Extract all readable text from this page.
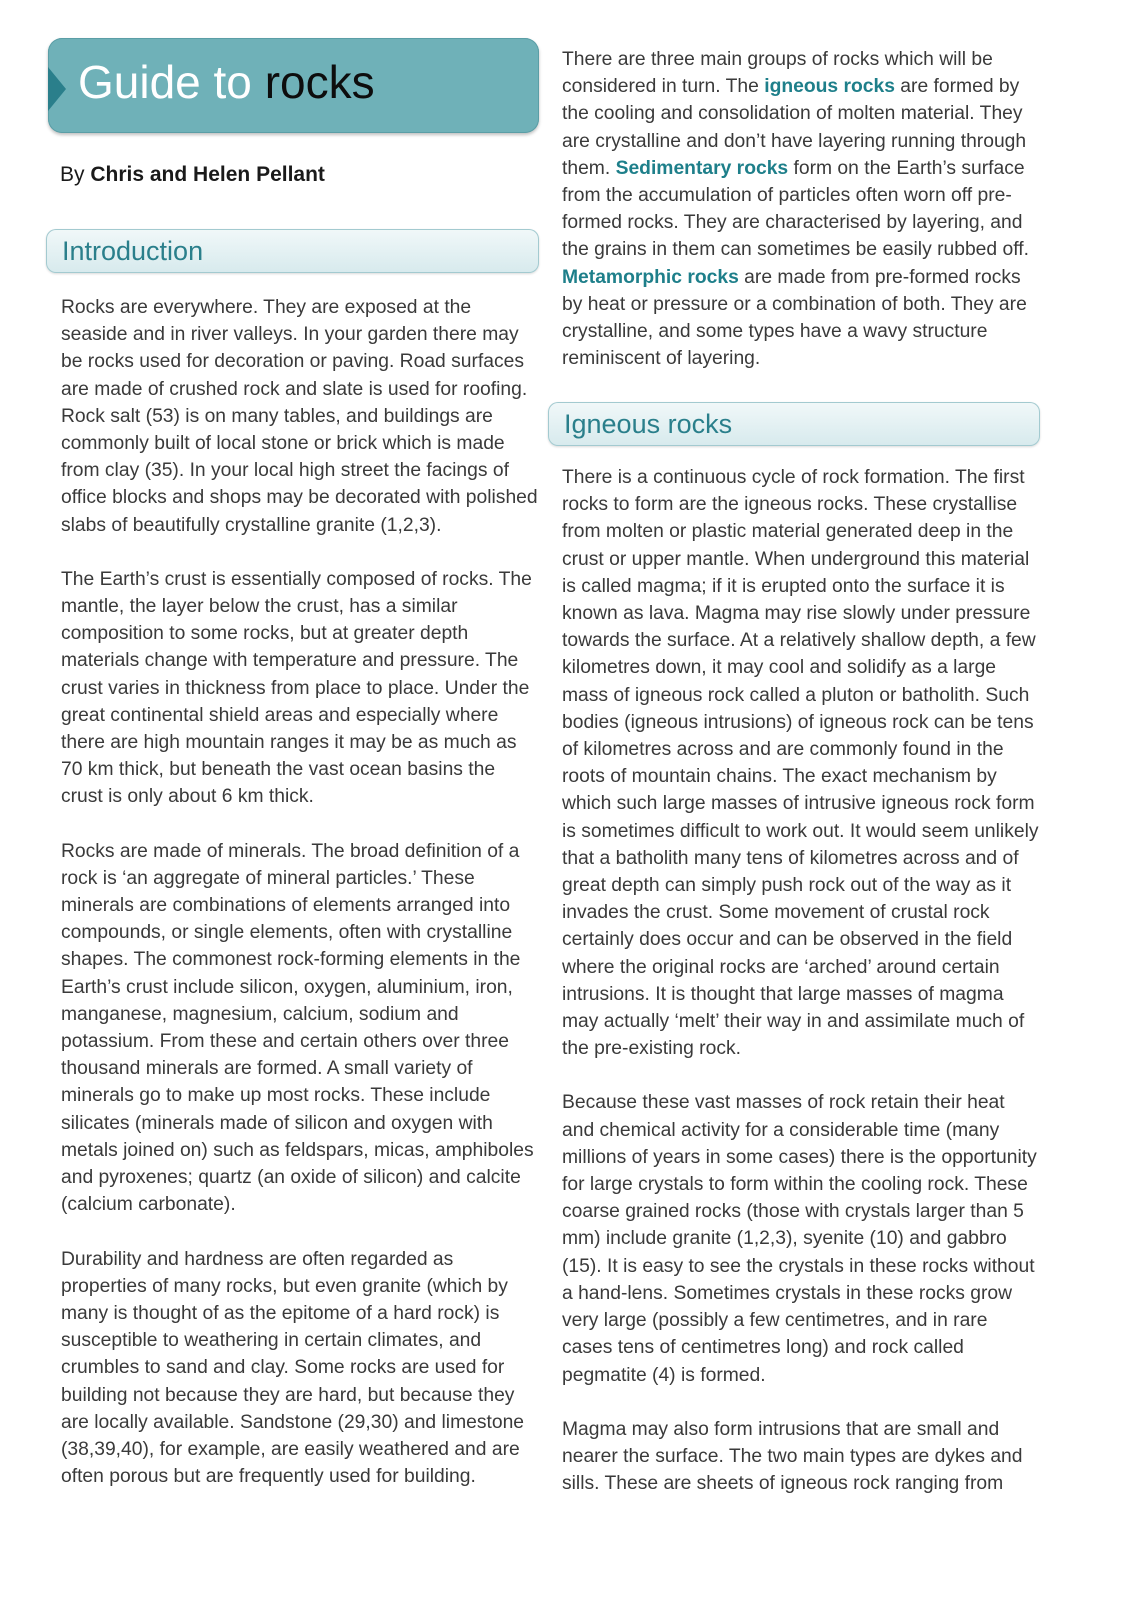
Guide to rocks
By Chris and Helen Pellant
Introduction

Rocks are everywhere. They are exposed at the seaside and in river valleys. In your garden there may be rocks used for decoration or paving. Road surfaces are made of crushed rock and slate is used for roofing. Rock salt (53) is on many tables, and buildings are commonly built of local stone or brick which is made from clay (35). In your local high street the facings of office blocks and shops may be decorated with polished slabs of beautifully crystalline granite (1,2,3).

The Earth’s crust is essentially composed of rocks. The mantle, the layer below the crust, has a similar composition to some rocks, but at greater depth materials change with temperature and pressure. The crust varies in thickness from place to place. Under the great continental shield areas and especially where there are high mountain ranges it may be as much as 70 km thick, but beneath the vast ocean basins the crust is only about 6 km thick.

Rocks are made of minerals. The broad definition of a rock is ‘an aggregate of mineral particles.’ These minerals are combinations of elements arranged into compounds, or single elements, often with crystalline shapes. The commonest rock-forming elements in the Earth’s crust include silicon, oxygen, aluminium, iron, manganese, magnesium, calcium, sodium and potassium. From these and certain others over three thousand minerals are formed. A small variety of minerals go to make up most rocks. These include silicates (minerals made of silicon and oxygen with metals joined on) such as feldspars, micas, amphiboles and pyroxenes; quartz (an oxide of silicon) and calcite (calcium carbonate).

Durability and hardness are often regarded as properties of many rocks, but even granite (which by many is thought of as the epitome of a hard rock) is susceptible to weathering in certain climates, and crumbles to sand and clay. Some rocks are used for building not because they are hard, but because they are locally available. Sandstone (29,30) and limestone (38,39,40), for example, are easily weathered and are often porous but are frequently used for building.

There are three main groups of rocks which will be considered in turn. The igneous rocks are formed by the cooling and consolidation of molten material. They are crystalline and don’t have layering running through them. Sedimentary rocks form on the Earth’s surface from the accumulation of particles often worn off pre-formed rocks. They are characterised by layering, and the grains in them can sometimes be easily rubbed off. Metamorphic rocks are made from pre-formed rocks by heat or pressure or a combination of both. They are crystalline, and some types have a wavy structure reminiscent of layering.

Igneous rocks

There is a continuous cycle of rock formation. The first rocks to form are the igneous rocks. These crystallise from molten or plastic material generated deep in the crust or upper mantle. When underground this material is called magma; if it is erupted onto the surface it is known as lava. Magma may rise slowly under pressure towards the surface. At a relatively shallow depth, a few kilometres down, it may cool and solidify as a large mass of igneous rock called a pluton or batholith. Such bodies (igneous intrusions) of igneous rock can be tens of kilometres across and are commonly found in the roots of mountain chains. The exact mechanism by which such large masses of intrusive igneous rock form is sometimes difficult to work out. It would seem unlikely that a batholith many tens of kilometres across and of great depth can simply push rock out of the way as it invades the crust. Some movement of crustal rock certainly does occur and can be observed in the field where the original rocks are ‘arched’ around certain intrusions. It is thought that large masses of magma may actually ‘melt’ their way in and assimilate much of the pre-existing rock.

Because these vast masses of rock retain their heat and chemical activity for a considerable time (many millions of years in some cases) there is the opportunity for large crystals to form within the cooling rock. These coarse grained rocks (those with crystals larger than 5 mm) include granite (1,2,3), syenite (10) and gabbro (15). It is easy to see the crystals in these rocks without a hand-lens. Sometimes crystals in these rocks grow very large (possibly a few centimetres, and in rare cases tens of centimetres long) and rock called pegmatite (4) is formed.

Magma may also form intrusions that are small and nearer the surface. The two main types are dykes and sills. These are sheets of igneous rock ranging from
